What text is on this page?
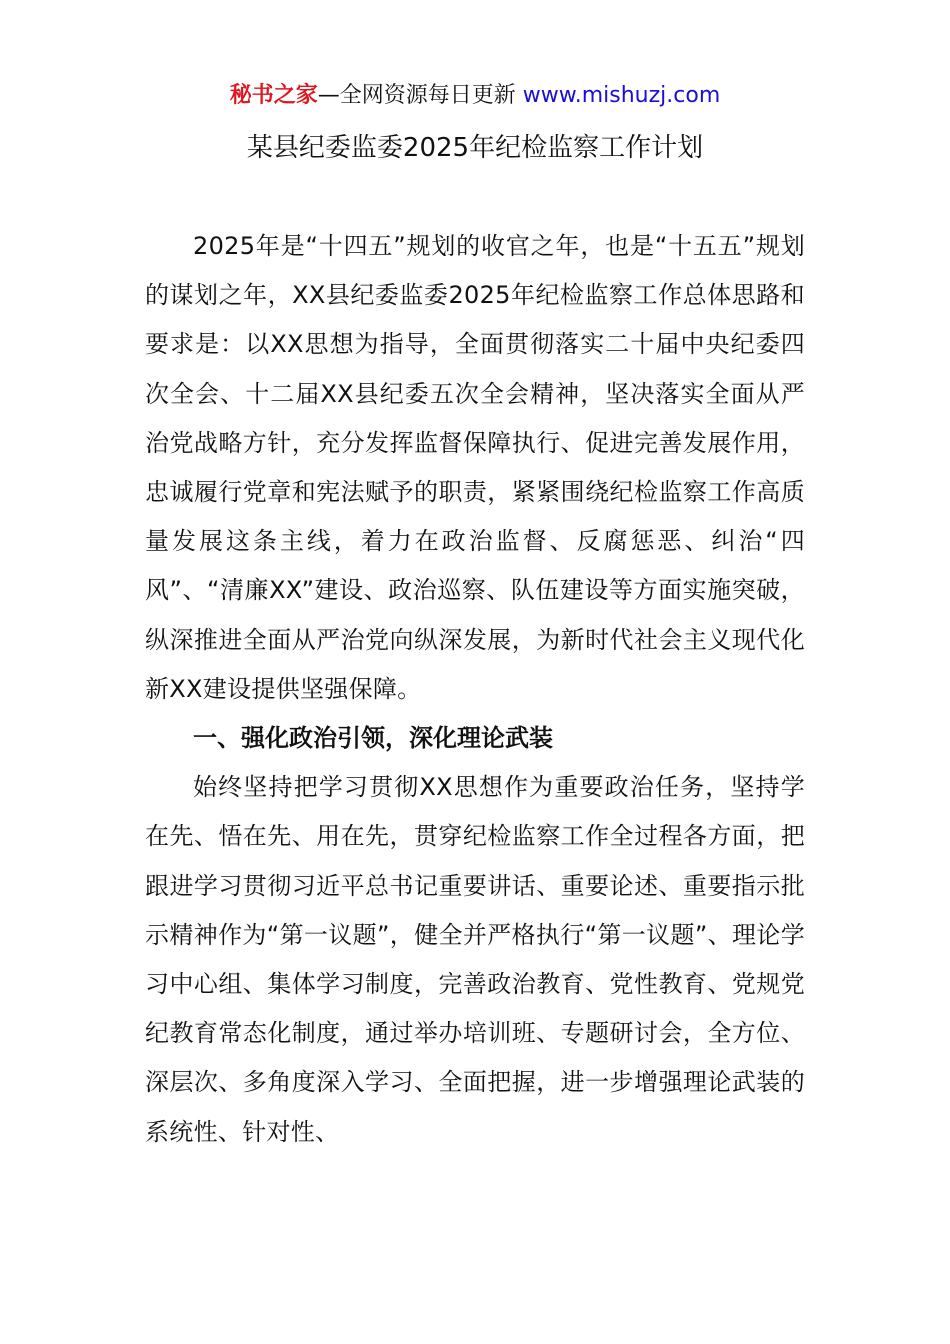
秘书之家—全网资源每日更新 www.mishuzj.com
某县纪委监委2025年纪检监察工作计划

2025年是“十四五”规划的收官之年，也是“十五五”规划的谋划之年，XX县纪委监委2025年纪检监察工作总体思路和要求是：以XX思想为指导，全面贯彻落实二十届中央纪委四次全会、十二届XX县纪委五次全会精神，坚决落实全面从严治党战略方针，充分发挥监督保障执行、促进完善发展作用，忠诚履行党章和宪法赋予的职责，紧紧围绕纪检监察工作高质量发展这条主线，着力在政治监督、反腐惩恶、纠治“四风”、“清廉XX”建设、政治巡察、队伍建设等方面实施突破，纵深推进全面从严治党向纵深发展，为新时代社会主义现代化新XX建设提供坚强保障。

一、强化政治引领，深化理论武装

始终坚持把学习贯彻XX思想作为重要政治任务，坚持学在先、悟在先、用在先，贯穿纪检监察工作全过程各方面，把跟进学习贯彻习近平总书记重要讲话、重要论述、重要指示批示精神作为“第一议题”，健全并严格执行“第一议题”、理论学习中心组、集体学习制度，完善政治教育、党性教育、党规党纪教育常态化制度，通过举办培训班、专题研讨会，全方位、深层次、多角度深入学习、全面把握，进一步增强理论武装的系统性、针对性、
